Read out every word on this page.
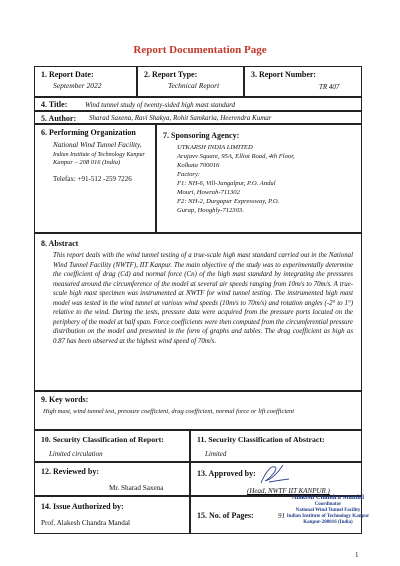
Report Documentation Page
1. Report Date:
September 2022
2. Report Type:
Technical Report
3. Report Number:
TR 407
4. Title:	Wind tunnel study of twenty-sided high mast standard
5. Author: Sharad Saxena, Ravi Shakya, Rohit Samkaria, Heerendra Kumar
6. Performing Organization
National Wind Tunnel Facility,
Indian Institute of Technology Kanpur
Kanpur – 208 016 (India)
Telefax: +91-512 -259 7226
7. Sponsoring Agency:
UTKARSH INDIA LIMITED
Arujavv Square, 95A, Elliot Road, 4th Floor,
Kolkata 700016
Factory:
F1: NH-6, Vill-Jangalpur, P.O. Andul
Mouri, Howrah-711302
F2: NH-2, Durgapur Expressway, P.O.
Gurap, Hooghly-712303.
8. Abstract
This report deals with the wind tunnel testing of a true-scale high mast standard carried out in the National Wind Tunnel Facility (NWTF), IIT Kanpur. The main objective of the study was to experimentally determine the coefficient of drag (Cd) and normal force (Cn) of the high mast standard by integrating the pressures measured around the circumference of the model at several air speeds ranging from 10m/s to 70m/s. A true-scale high mast specimen was instrumented at NWTF for wind tunnel testing. The instrumented high mast model was tested in the wind tunnel at various wind speeds (10m/s to 70m/s) and rotation angles (-2° to 1°) relative to the wind. During the tests, pressure data were acquired from the pressure ports located on the periphery of the model at half span. Force coefficients were then computed from the circumferential pressure distribution on the model and presented in the form of graphs and tables. The drag coefficient as high as 0.87 has been observed at the highest wind speed of 70m/s.
9. Key words:
High mast, wind tunnel test, pressure coefficient, drag coefficient, normal force or lift coefficient
10. Security Classification of Report:
Limited circulation
11. Security Classification of Abstract:
Limited
12. Reviewed by:
Mr. Sharad Saxena
13. Approved by:
(Head, NWTF IIT KANPUR )
14. Issue Authorized by:
Prof. Alakesh Chandra Mandal
15. No. of Pages:	91
Alakesh Chandra Mandal
Coordinator
National Wind Tunnel Facility
Indian Institute of Technology Kanpur
Kanpur-208016 (India)
1
